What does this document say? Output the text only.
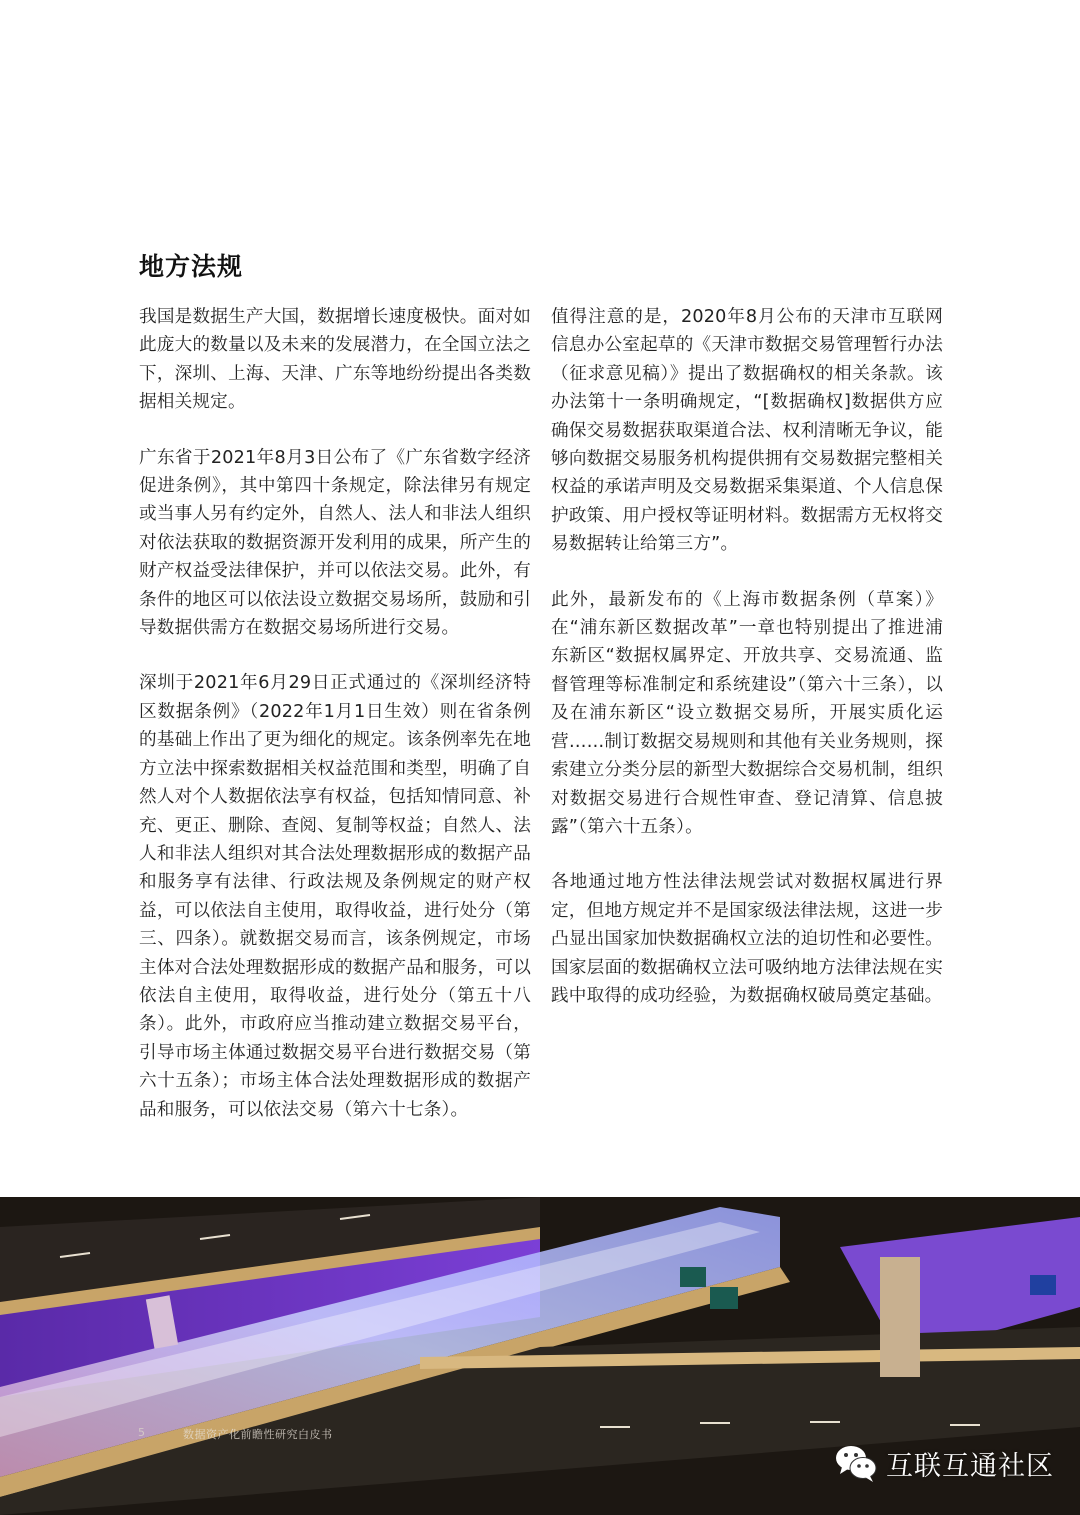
地方法规

我国是数据生产大国，数据增长速度极快。面对如此庞大的数量以及未来的发展潜力，在全国立法之下，深圳、上海、天津、广东等地纷纷提出各类数据相关规定。

广东省于2021年8月3日公布了《广东省数字经济促进条例》，其中第四十条规定，除法律另有规定或当事人另有约定外，自然人、法人和非法人组织对依法获取的数据资源开发利用的成果，所产生的财产权益受法律保护，并可以依法交易。此外，有条件的地区可以依法设立数据交易场所，鼓励和引导数据供需方在数据交易场所进行交易。

深圳于2021年6月29日正式通过的《深圳经济特区数据条例》（2022年1月1日生效）则在省条例的基础上作出了更为细化的规定。该条例率先在地方立法中探索数据相关权益范围和类型，明确了自然人对个人数据依法享有权益，包括知情同意、补充、更正、删除、查阅、复制等权益；自然人、法人和非法人组织对其合法处理数据形成的数据产品和服务享有法律、行政法规及条例规定的财产权益，可以依法自主使用，取得收益，进行处分（第三、四条）。就数据交易而言，该条例规定，市场主体对合法处理数据形成的数据产品和服务，可以依法自主使用，取得收益，进行处分（第五十八条）。此外，市政府应当推动建立数据交易平台，引导市场主体通过数据交易平台进行数据交易（第六十五条）；市场主体合法处理数据形成的数据产品和服务，可以依法交易（第六十七条）。

值得注意的是，2020年8月公布的天津市互联网信息办公室起草的《天津市数据交易管理暂行办法（征求意见稿）》提出了数据确权的相关条款。该办法第十一条明确规定，“[数据确权]数据供方应确保交易数据获取渠道合法、权利清晰无争议，能够向数据交易服务机构提供拥有交易数据完整相关权益的承诺声明及交易数据采集渠道、个人信息保护政策、用户授权等证明材料。数据需方无权将交易数据转让给第三方”。

此外，最新发布的《上海市数据条例（草案）》在“浦东新区数据改革”一章也特别提出了推进浦东新区“数据权属界定、开放共享、交易流通、监督管理等标准制定和系统建设”（第六十三条），以及在浦东新区“设立数据交易所，开展实质化运营……制订数据交易规则和其他有关业务规则，探索建立分类分层的新型大数据综合交易机制，组织对数据交易进行合规性审查、登记清算、信息披露”（第六十五条）。

各地通过地方性法律法规尝试对数据权属进行界定，但地方规定并不是国家级法律法规，这进一步凸显出国家加快数据确权立法的迫切性和必要性。国家层面的数据确权立法可吸纳地方法律法规在实践中取得的成功经验，为数据确权破局奠定基础。

5	数据资产化前瞻性研究白皮书
互联互通社区
